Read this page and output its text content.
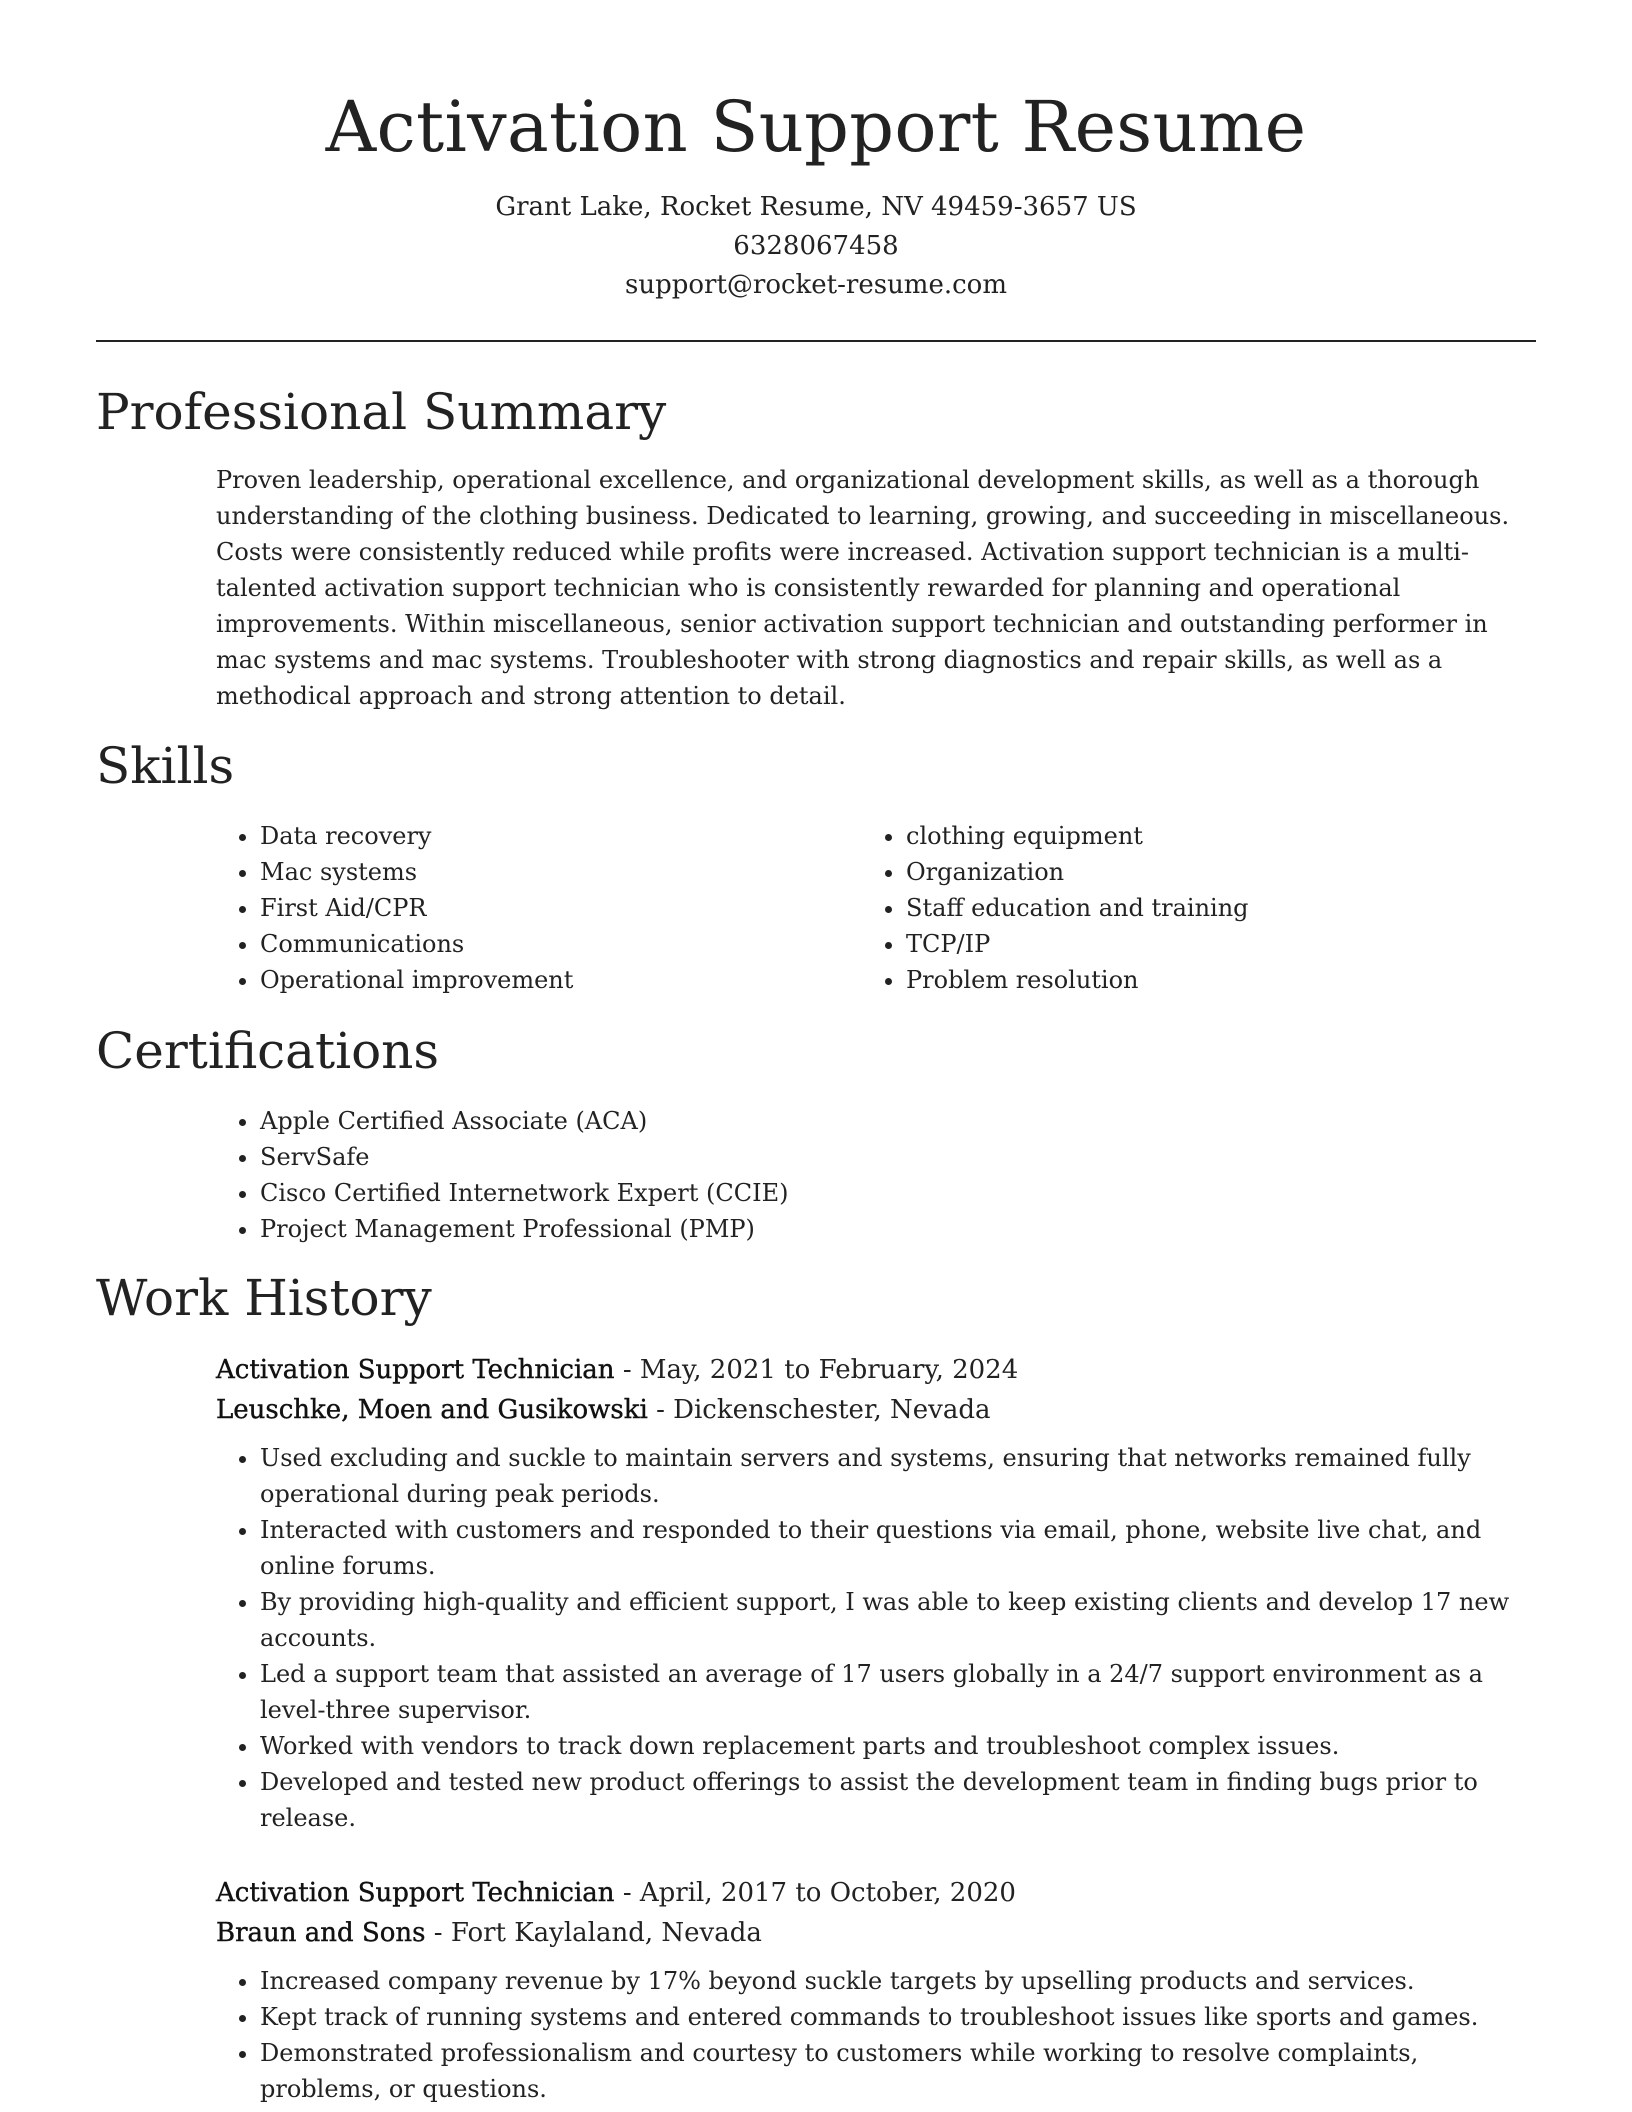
Activation Support Resume
Grant Lake, Rocket Resume, NV 49459-3657 US
6328067458
support@rocket-resume.com
Professional Summary

Proven leadership, operational excellence, and organizational development skills, as well as a thorough understanding of the clothing business. Dedicated to learning, growing, and succeeding in miscellaneous. Costs were consistently reduced while profits were increased. Activation support technician is a multi-talented activation support technician who is consistently rewarded for planning and operational improvements. Within miscellaneous, senior activation support technician and outstanding performer in mac systems and mac systems. Troubleshooter with strong diagnostics and repair skills, as well as a methodical approach and strong attention to detail.

Skills
• Data recovery
• Mac systems
• First Aid/CPR
• Communications
• Operational improvement
• clothing equipment
• Organization
• Staff education and training
• TCP/IP
• Problem resolution
Certifications
• Apple Certified Associate (ACA)
• ServSafe
• Cisco Certified Internetwork Expert (CCIE)
• Project Management Professional (PMP)
Work History
Activation Support Technician - May, 2021 to February, 2024
Leuschke, Moen and Gusikowski - Dickenschester, Nevada
• Used excluding and suckle to maintain servers and systems, ensuring that networks remained fully operational during peak periods.
• Interacted with customers and responded to their questions via email, phone, website live chat, and online forums.
• By providing high-quality and efficient support, I was able to keep existing clients and develop 17 new accounts.
• Led a support team that assisted an average of 17 users globally in a 24/7 support environment as a level-three supervisor.
• Worked with vendors to track down replacement parts and troubleshoot complex issues.
• Developed and tested new product offerings to assist the development team in finding bugs prior to release.
Activation Support Technician - April, 2017 to October, 2020
Braun and Sons - Fort Kaylaland, Nevada
• Increased company revenue by 17% beyond suckle targets by upselling products and services.
• Kept track of running systems and entered commands to troubleshoot issues like sports and games.
• Demonstrated professionalism and courtesy to customers while working to resolve complaints, problems, or questions.
